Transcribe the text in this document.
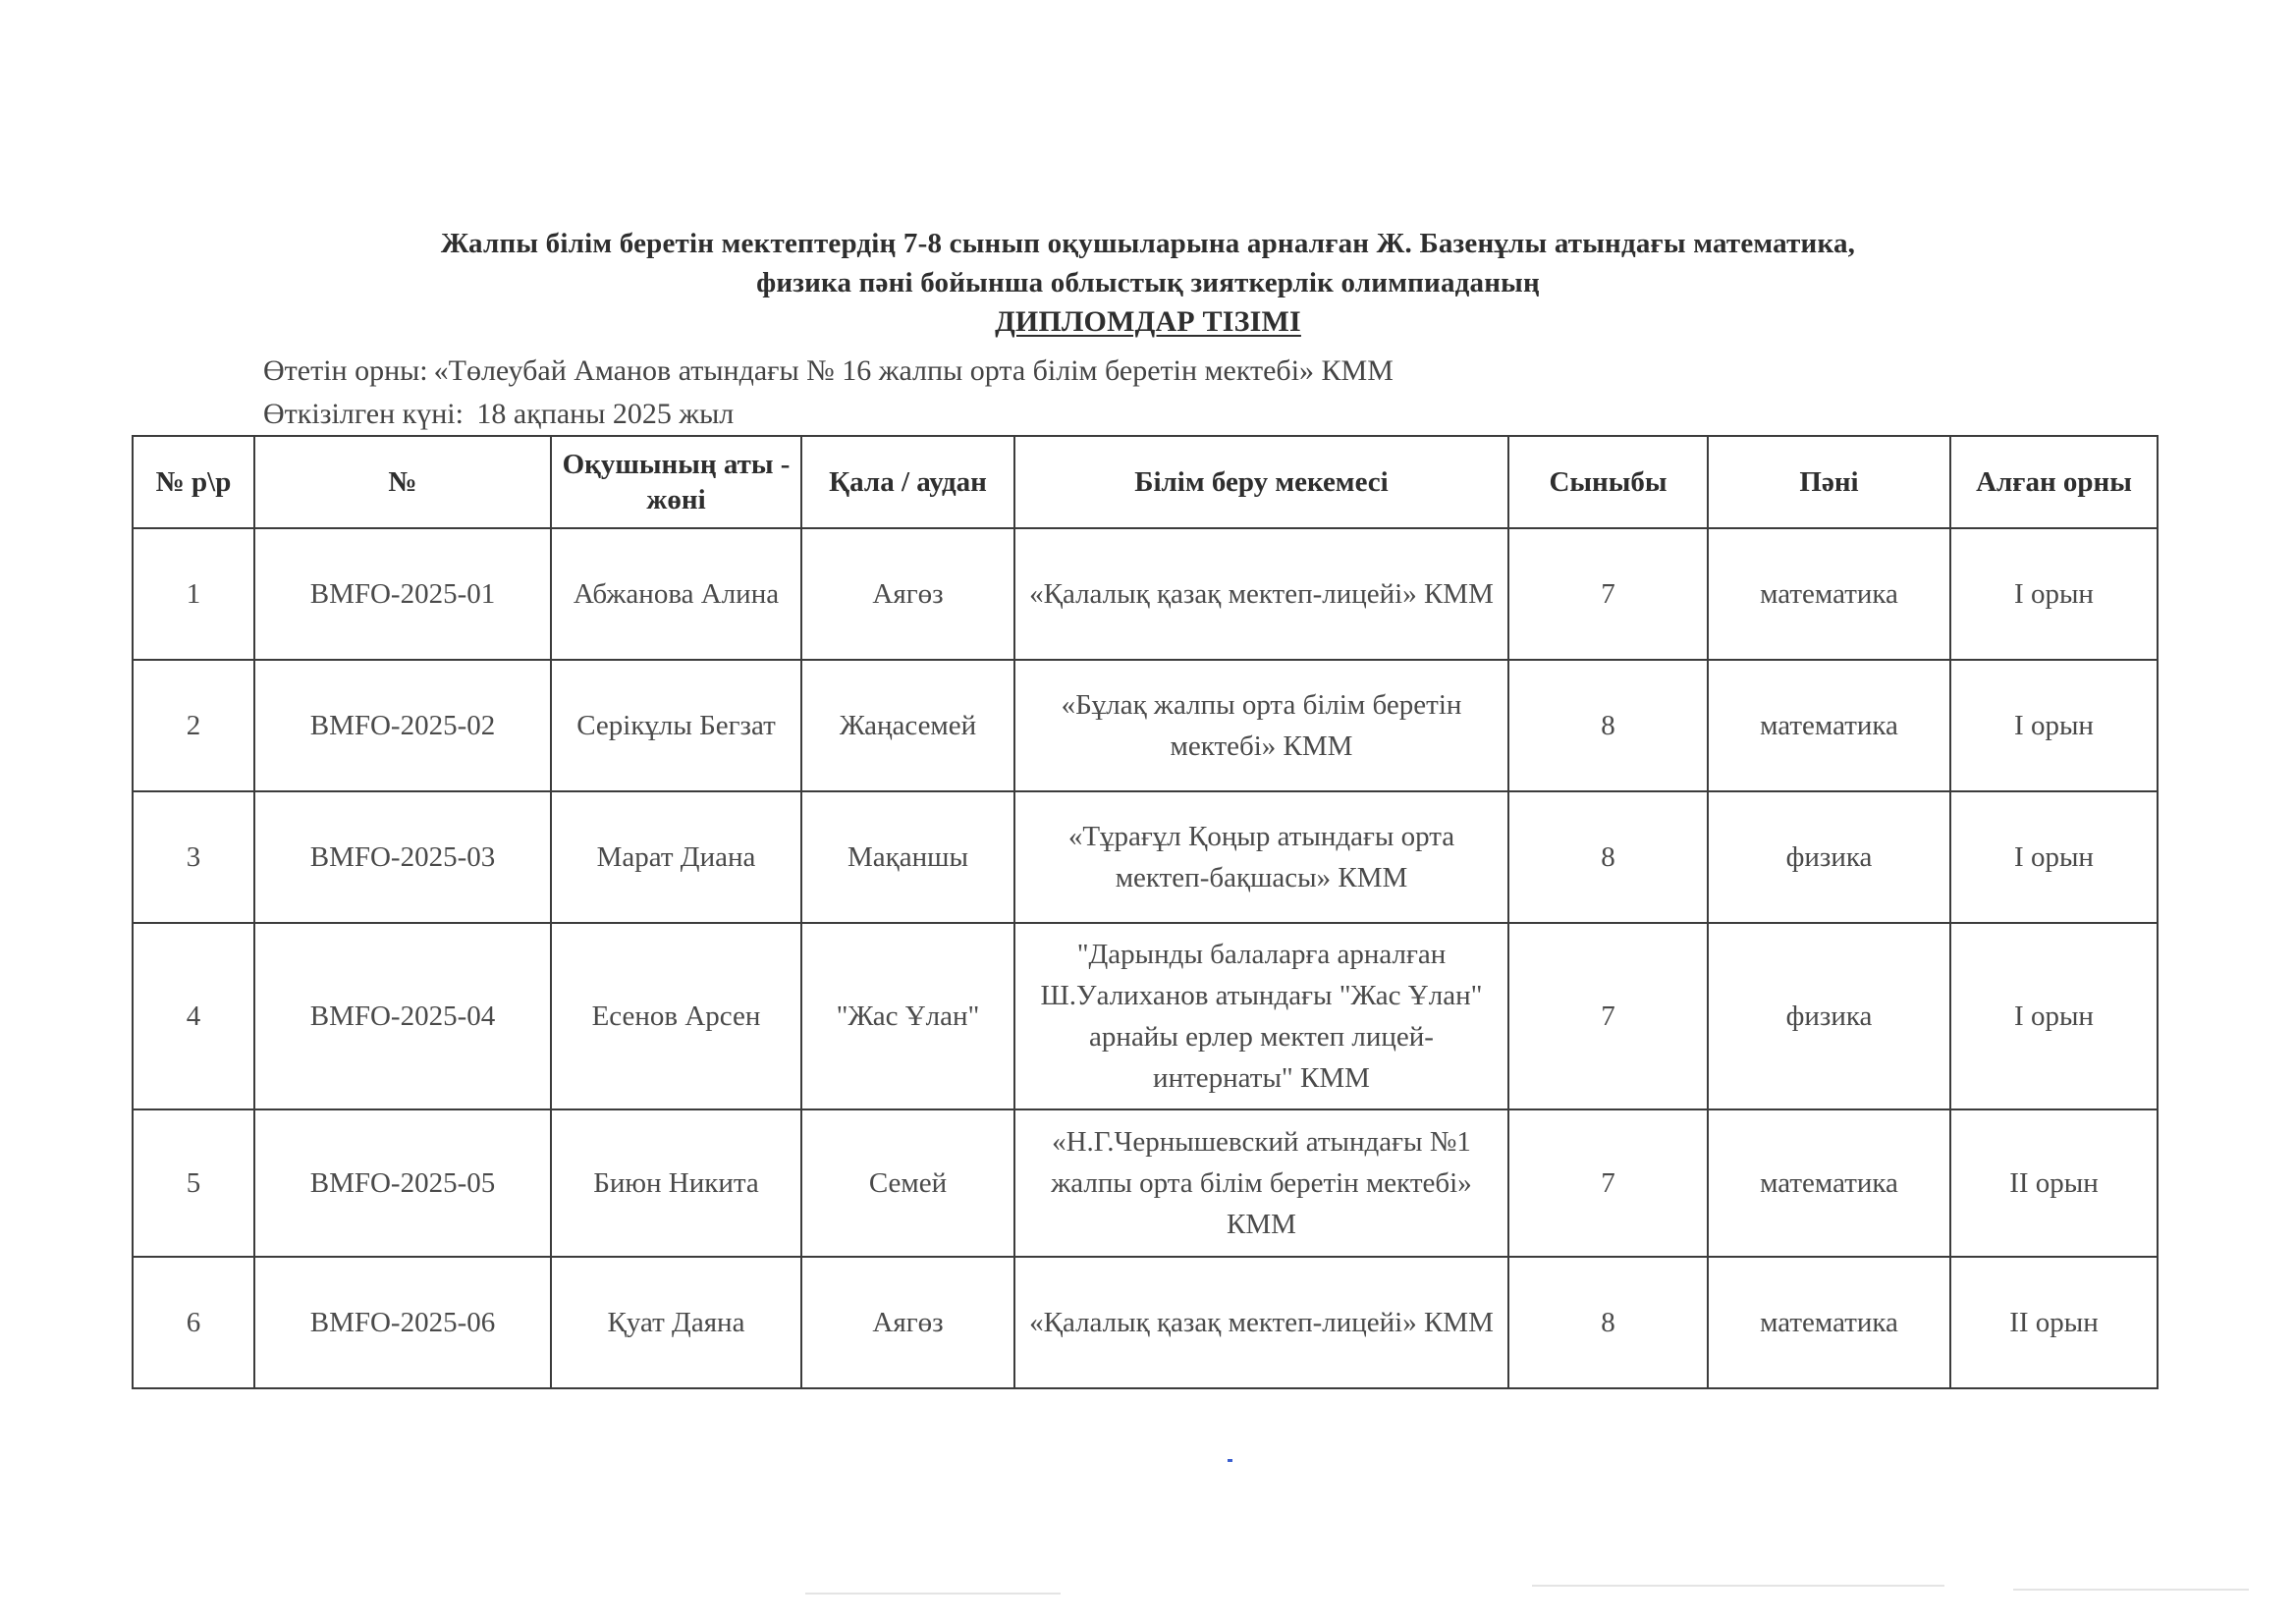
Жалпы білім беретін мектептердің 7-8 сынып оқушыларына арналған Ж. Базенұлы атындағы математика,
физика пәні бойынша облыстық зияткерлік олимпиаданың
ДИПЛОМДАР ТІЗІМІ
Өтетін орны: «Төлеубай Аманов атындағы № 16 жалпы орта білім беретін мектебі» КММ
Өткізілген күні: 18 ақпаны 2025 жыл
№ р\р	№	Оқушының аты - жөні	Қала / аудан	Білім беру мекемесі	Сыныбы	Пәні	Алған орны
1	BMFO-2025-01	Абжанова Алина	Аягөз	«Қалалық қазақ мектеп-лицейі» КММ	7	математика	I орын
2	BMFO-2025-02	Серікұлы Бегзат	Жаңасемей	«Бұлақ жалпы орта білім беретін мектебі» КММ	8	математика	I орын
3	BMFO-2025-03	Марат Диана	Мақаншы	«Тұрағұл Қоңыр атындағы орта мектеп-бақшасы» КММ	8	физика	I орын
4	BMFO-2025-04	Есенов Арсен	"Жас Ұлан"	"Дарынды балаларға арналған Ш.Уалиханов атындағы "Жас Ұлан" арнайы ерлер мектеп лицей-интернаты" КММ	7	физика	I орын
5	BMFO-2025-05	Биюн Никита	Семей	«Н.Г.Чернышевский атындағы №1 жалпы орта білім беретін мектебі» КММ	7	математика	II орын
6	BMFO-2025-06	Қуат Даяна	Аягөз	«Қалалық қазақ мектеп-лицейі» КММ	8	математика	II орын
